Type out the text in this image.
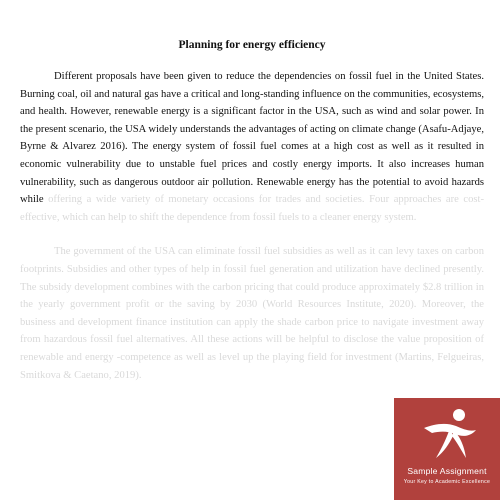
Planning for energy efficiency

Different proposals have been given to reduce the dependencies on fossil fuel in the United States. Burning coal, oil and natural gas have a critical and long-standing influence on the communities, ecosystems, and health. However, renewable energy is a significant factor in the USA, such as wind and solar power. In the present scenario, the USA widely understands the advantages of acting on climate change (Asafu-Adjaye, Byrne & Alvarez 2016). The energy system of fossil fuel comes at a high cost as well as it resulted in economic vulnerability due to unstable fuel prices and costly energy imports. It also increases human vulnerability, such as dangerous outdoor air pollution. Renewable energy has the potential to avoid hazards while offering a wide variety of monetary occasions for trades and societies. Four approaches are cost-effective, which can help to shift the dependence from fossil fuels to a cleaner energy system.

The government of the USA can eliminate fossil fuel subsidies as well as it can levy taxes on carbon footprints. Subsidies and other types of help in fossil fuel generation and utilization have declined presently. The subsidy development combines with the carbon pricing that could produce approximately $2.8 trillion in the yearly government profit or the saving by 2030 (World Resources Institute, 2020). Moreover, the business and development finance institution can apply the shade carbon price to navigate investment away from hazardous fossil fuel alternatives. All these actions will be helpful to disclose the value proposition of renewable and energy -competence as well as level up the playing field for investment (Martins, Felgueiras, Smitkova & Caetano, 2019).

Sample Assignment
Your Key to Academic Excellence
